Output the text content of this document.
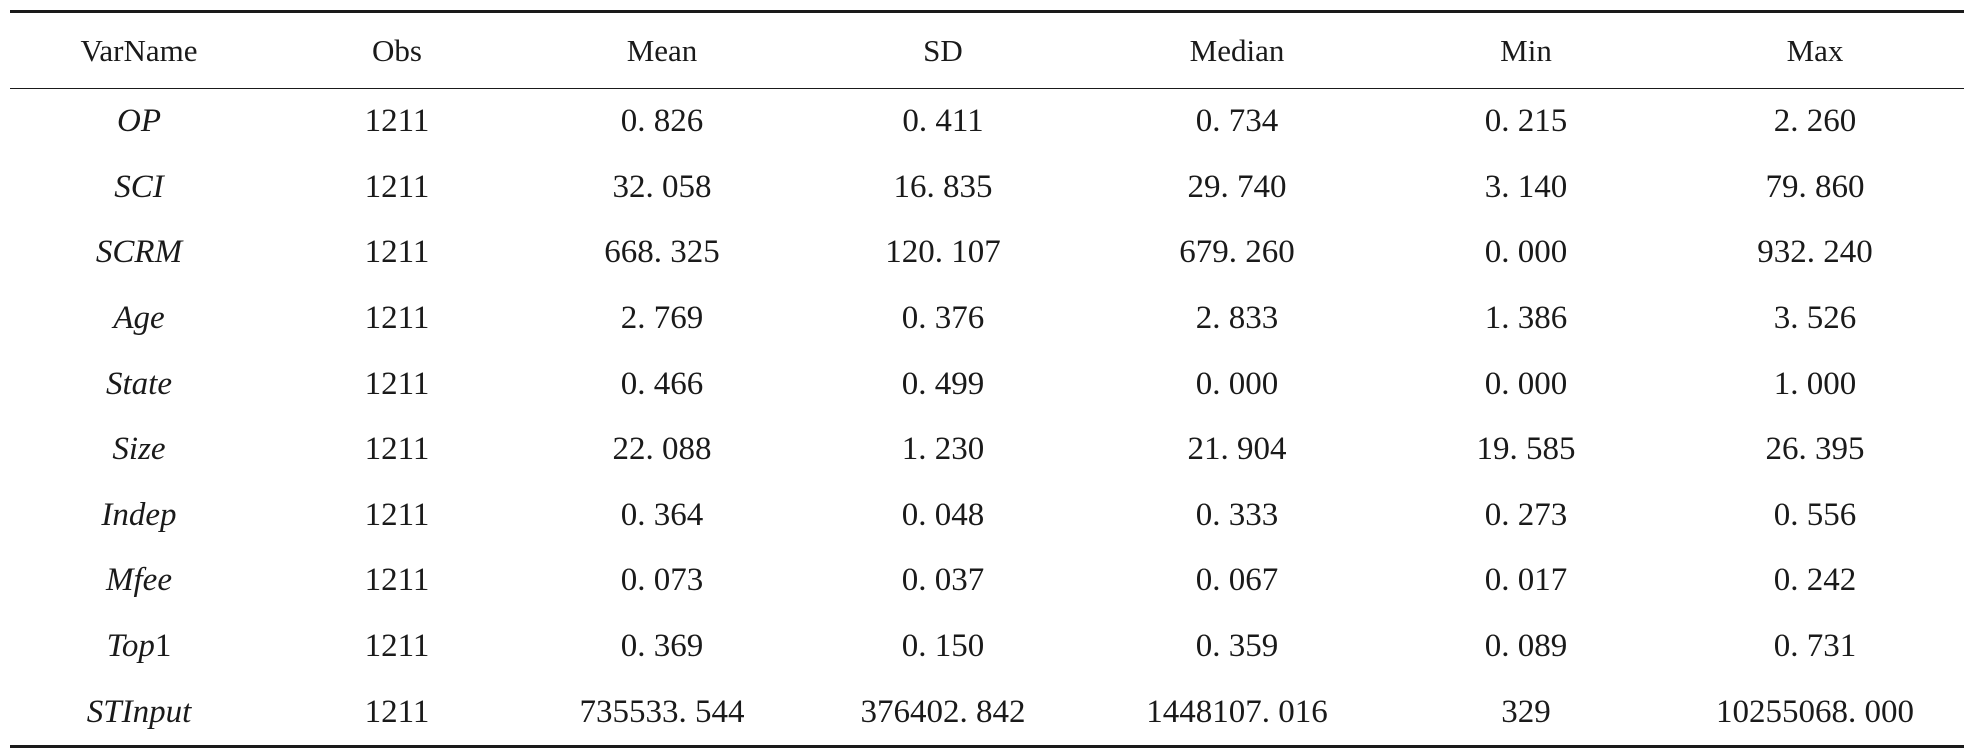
VarName	Obs	Mean	SD	Median	Min	Max
OP	1211	0. 826	0. 411	0. 734	0. 215	2. 260
SCI	1211	32. 058	16. 835	29. 740	3. 140	79. 860
SCRM	1211	668. 325	120. 107	679. 260	0. 000	932. 240
Age	1211	2. 769	0. 376	2. 833	1. 386	3. 526
State	1211	0. 466	0. 499	0. 000	0. 000	1. 000
Size	1211	22. 088	1. 230	21. 904	19. 585	26. 395
Indep	1211	0. 364	0. 048	0. 333	0. 273	0. 556
Mfee	1211	0. 073	0. 037	0. 067	0. 017	0. 242
Top1	1211	0. 369	0. 150	0. 359	0. 089	0. 731
STInput	1211	735533. 544	376402. 842	1448107. 016	329	10255068. 000
